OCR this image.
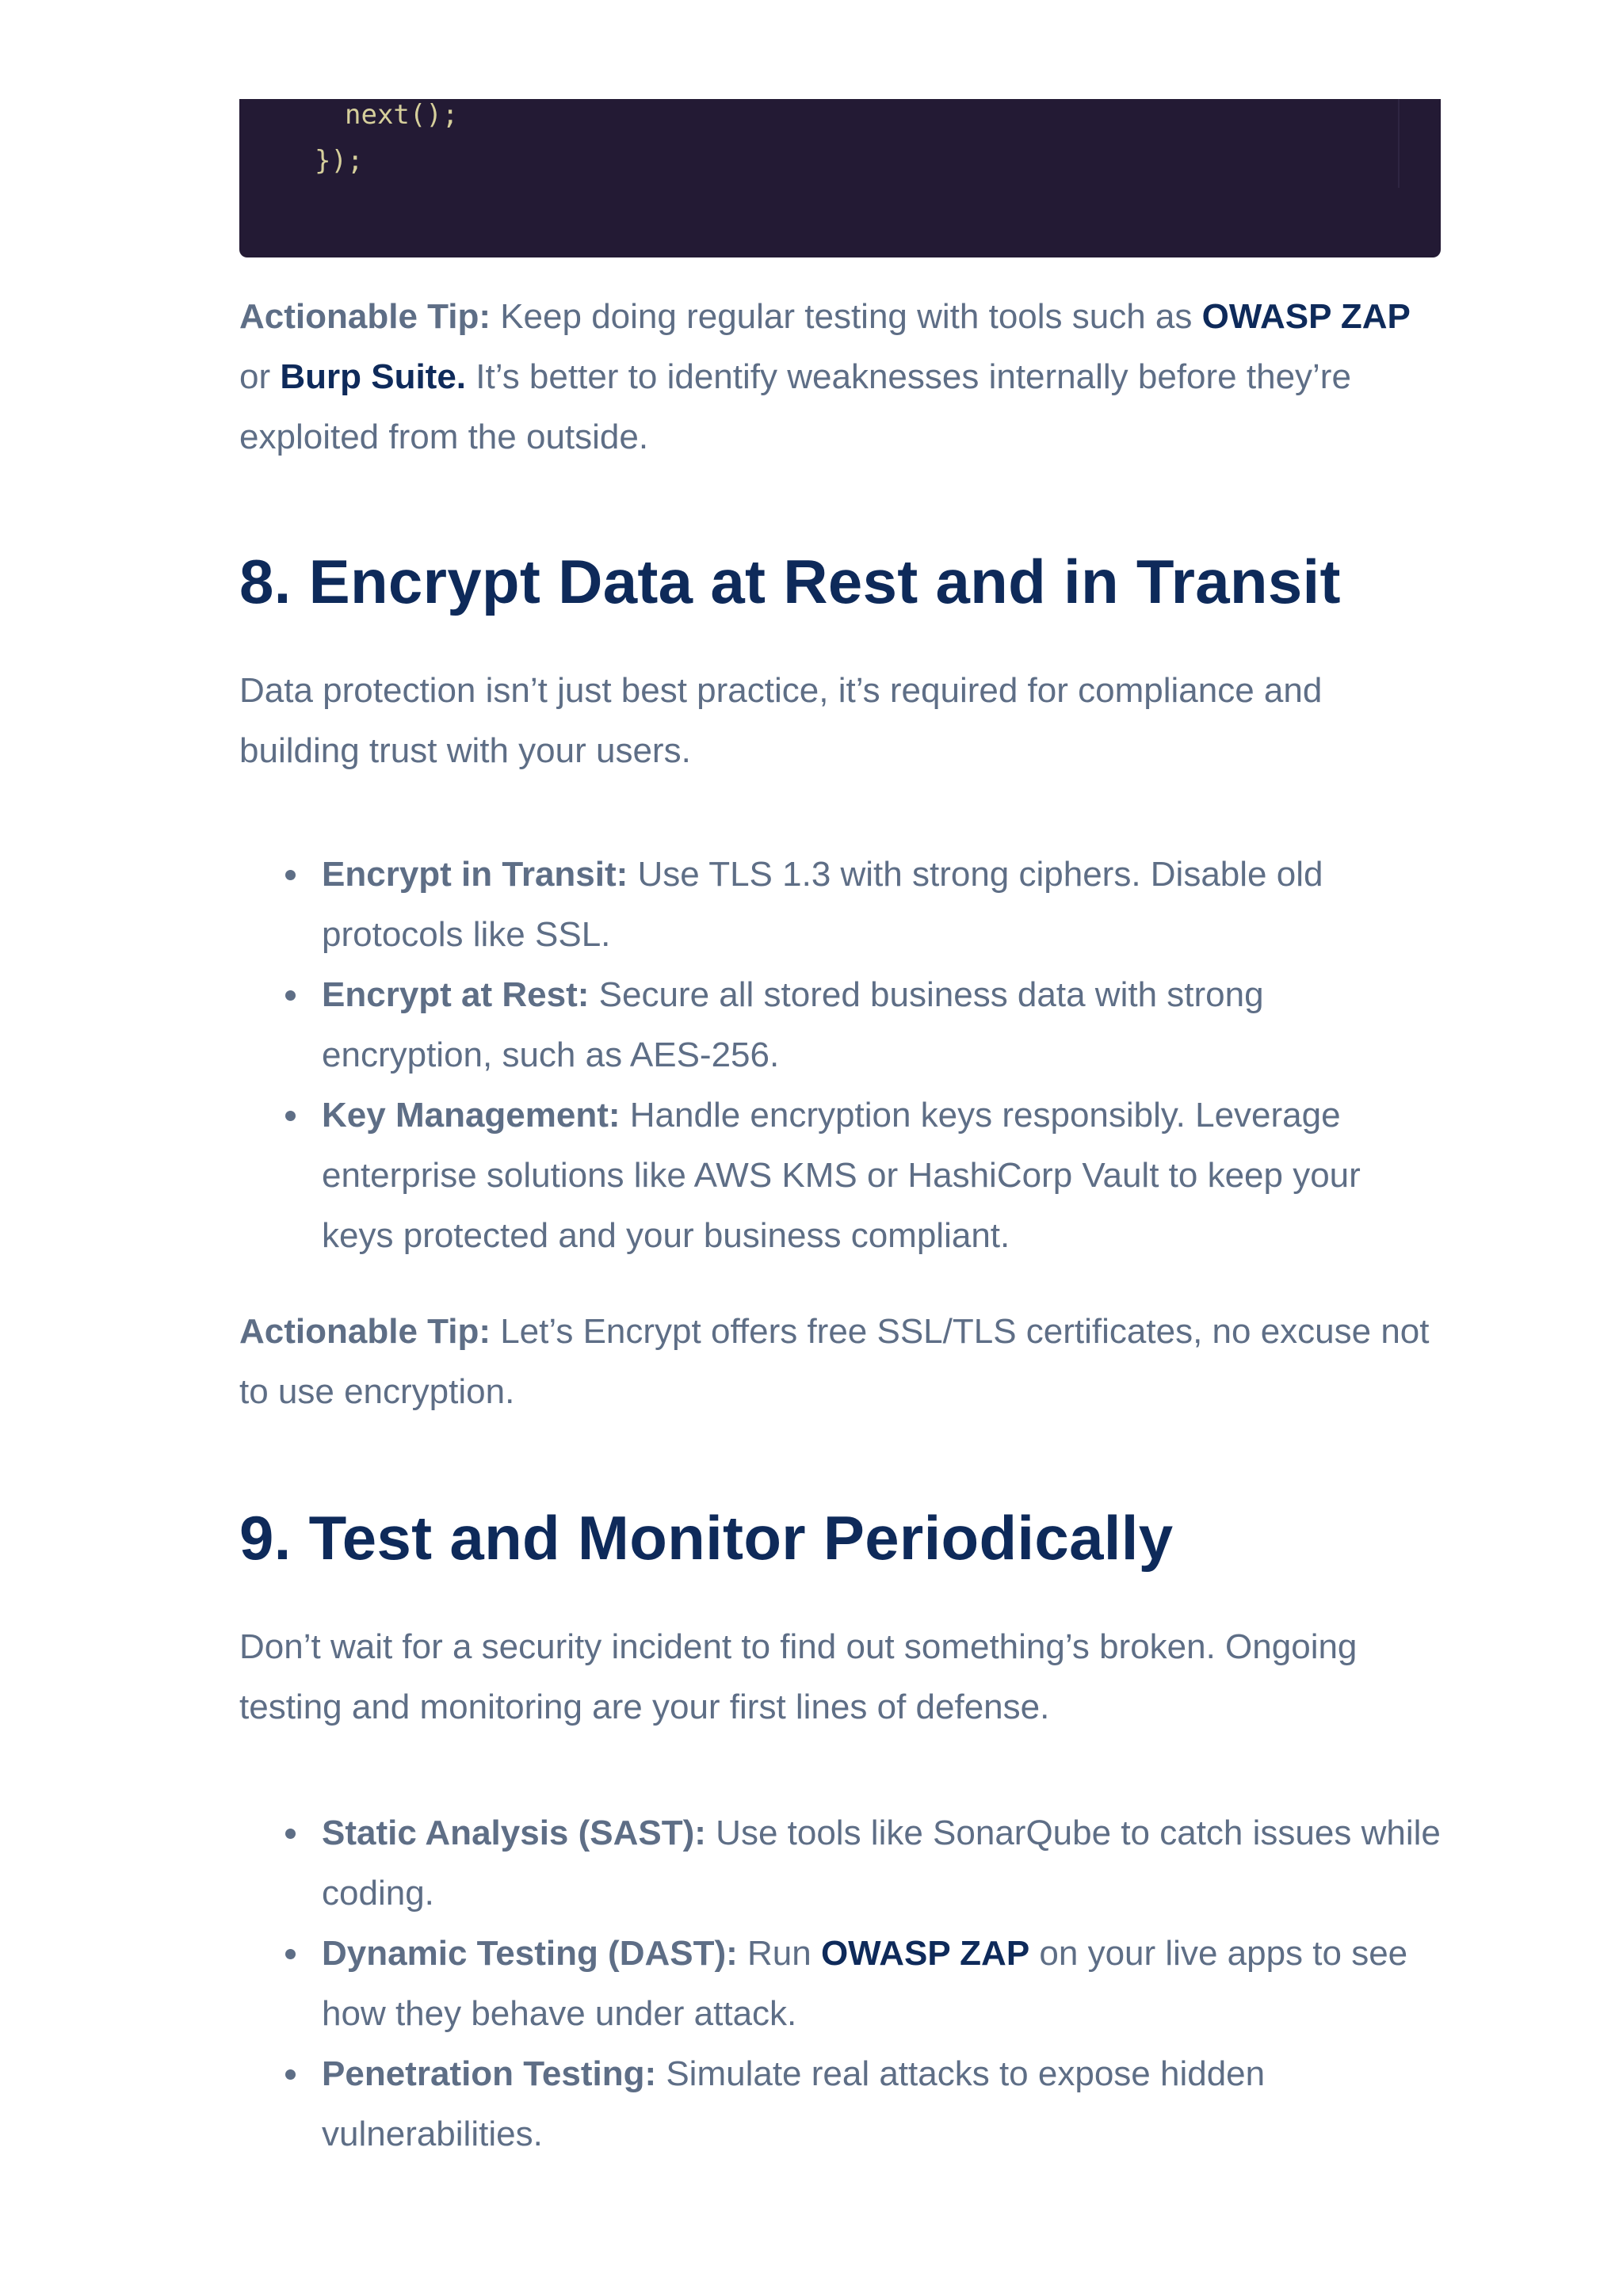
next();
});

Actionable Tip: Keep doing regular testing with tools such as OWASP ZAP or Burp Suite. It’s better to identify weaknesses internally before they’re exploited from the outside.

8. Encrypt Data at Rest and in Transit

Data protection isn’t just best practice, it’s required for compliance and building trust with your users.

Encrypt in Transit: Use TLS 1.3 with strong ciphers. Disable old protocols like SSL.
Encrypt at Rest: Secure all stored business data with strong encryption, such as AES-256.
Key Management: Handle encryption keys responsibly. Leverage enterprise solutions like AWS KMS or HashiCorp Vault to keep your keys protected and your business compliant.

Actionable Tip: Let’s Encrypt offers free SSL/TLS certificates, no excuse not to use encryption.

9. Test and Monitor Periodically

Don’t wait for a security incident to find out something’s broken. Ongoing testing and monitoring are your first lines of defense.

Static Analysis (SAST): Use tools like SonarQube to catch issues while coding.
Dynamic Testing (DAST): Run OWASP ZAP on your live apps to see how they behave under attack.
Penetration Testing: Simulate real attacks to expose hidden vulnerabilities.
